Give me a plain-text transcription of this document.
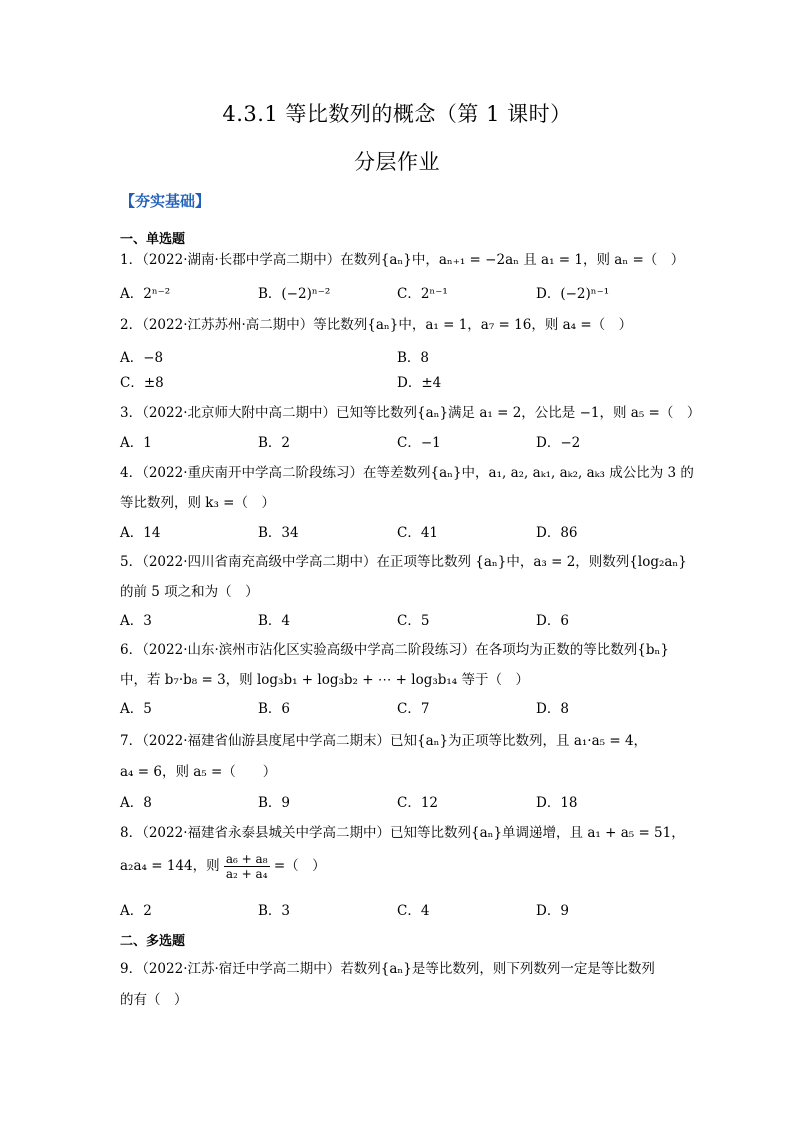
4.3.1 等比数列的概念（第 1 课时）
分层作业
【夯实基础】
一、单选题
1．（2022·湖南·长郡中学高二期中）在数列{aₙ}中，aₙ₊₁ = −2aₙ 且 a₁ = 1，则 aₙ =（　）
A．2ⁿ⁻²	B．(−2)ⁿ⁻²	C．2ⁿ⁻¹	D．(−2)ⁿ⁻¹
2．（2022·江苏苏州·高二期中）等比数列{aₙ}中，a₁ = 1，a₇ = 16，则 a₄ =（　）
A．−8	B．8
C．±8	D．±4
3．（2022·北京师大附中高二期中）已知等比数列{aₙ}满足 a₁ = 2，公比是 −1，则 a₅ =（　）
A．1	B．2	C．−1	D．−2
4．（2022·重庆南开中学高二阶段练习）在等差数列{aₙ}中，a₁, a₂, aₖ₁, aₖ₂, aₖ₃ 成公比为 3 的
等比数列，则 k₃ =（　）
A．14	B．34	C．41	D．86
5．（2022·四川省南充高级中学高二期中）在正项等比数列 {aₙ}中，a₃ = 2，则数列{log₂aₙ}
的前 5 项之和为（　）
A．3	B．4	C．5	D．6
6．（2022·山东·滨州市沾化区实验高级中学高二阶段练习）在各项均为正数的等比数列{bₙ}
中，若 b₇·b₈ = 3，则 log₃b₁ + log₃b₂ + ⋯ + log₃b₁₄ 等于（　）
A．5	B．6	C．7	D．8
7．（2022·福建省仙游县度尾中学高二期末）已知{aₙ}为正项等比数列，且 a₁·a₅ = 4，
a₄ = 6，则 a₅ =（　　）
A．8	B．9	C．12	D．18
8．（2022·福建省永泰县城关中学高二期中）已知等比数列{aₙ}单调递增，且 a₁ + a₅ = 51，
a₂a₄ = 144，则 $\frac{\text{a₆ + a₈}}{\text{a₂ + a₄}}$ =（　）
A．2	B．3	C．4	D．9
二、多选题
9．（2022·江苏·宿迁中学高二期中）若数列{aₙ}是等比数列，则下列数列一定是等比数列
的有（　）
